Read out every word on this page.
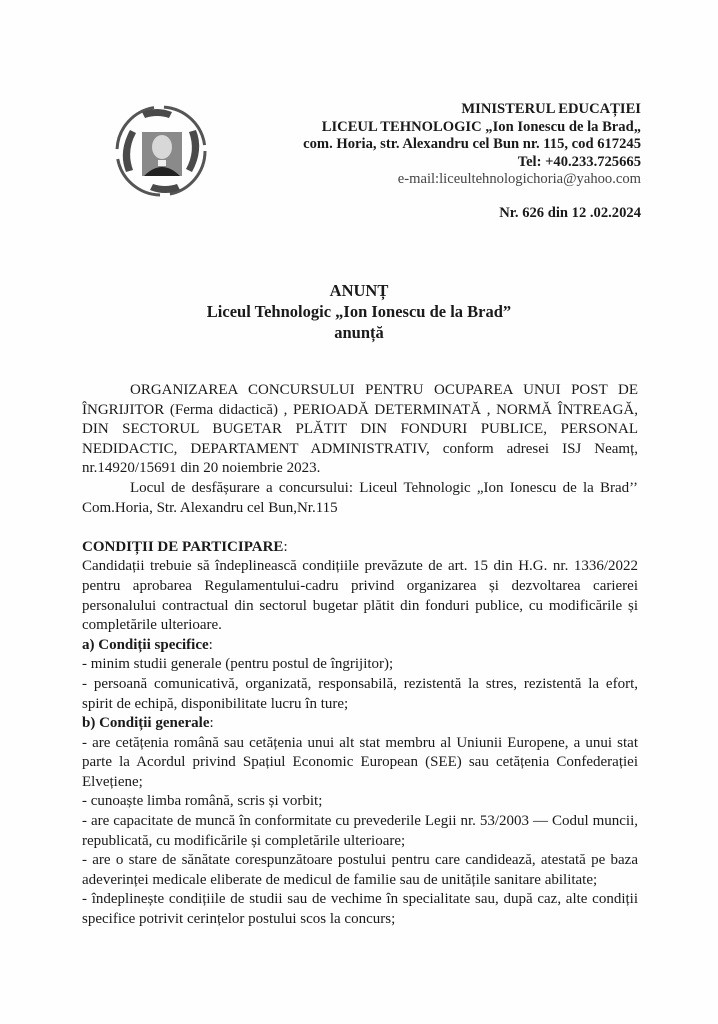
MINISTERUL EDUCAȚIEI
LICEUL TEHNOLOGIC „Ion Ionescu de la Brad„
com. Horia, str. Alexandru cel Bun nr. 115, cod 617245
Tel: +40.233.725665
e-mail:liceultehnologichoria@yahoo.com
Nr. 626 din 12 .02.2024
ANUNȚ
Liceul Tehnologic „Ion Ionescu de la Brad”
anunță

ORGANIZAREA CONCURSULUI PENTRU OCUPAREA UNUI POST DE ÎNGRIJITOR (Ferma didactică) , PERIOADĂ DETERMINATĂ , NORMĂ ÎNTREAGĂ, DIN SECTORUL BUGETAR PLĂTIT DIN FONDURI PUBLICE, PERSONAL NEDIDACTIC, DEPARTAMENT ADMINISTRATIV, conform adresei ISJ Neamț, nr.14920/15691 din 20 noiembrie 2023.

Locul de desfășurare a concursului: Liceul Tehnologic „Ion Ionescu de la Brad’’ Com.Horia, Str. Alexandru cel Bun,Nr.115

CONDIȚII DE PARTICIPARE:

Candidații trebuie să îndeplinească condițiile prevăzute de art. 15 din H.G. nr. 1336/2022 pentru aprobarea Regulamentului-cadru privind organizarea și dezvoltarea carierei personalului contractual din sectorul bugetar plătit din fonduri publice, cu modificările și completările ulterioare.

a) Condiții specifice:

- minim studii generale (pentru postul de îngrijitor);

- persoană comunicativă, organizată, responsabilă, rezistentă la stres, rezistentă la efort, spirit de echipă, disponibilitate lucru în ture;

b) Condiții generale:

- are cetățenia română sau cetățenia unui alt stat membru al Uniunii Europene, a unui stat parte la Acordul privind Spațiul Economic European (SEE) sau cetățenia Confederației Elvețiene;

- cunoaște limba română, scris și vorbit;

- are capacitate de muncă în conformitate cu prevederile Legii nr. 53/2003 — Codul muncii, republicată, cu modificările și completările ulterioare;

- are o stare de sănătate corespunzătoare postului pentru care candidează, atestată pe baza adeverinței medicale eliberate de medicul de familie sau de unitățile sanitare abilitate;

- îndeplinește condițiile de studii sau de vechime în specialitate sau, după caz, alte condiții specifice potrivit cerințelor postului scos la concurs;
